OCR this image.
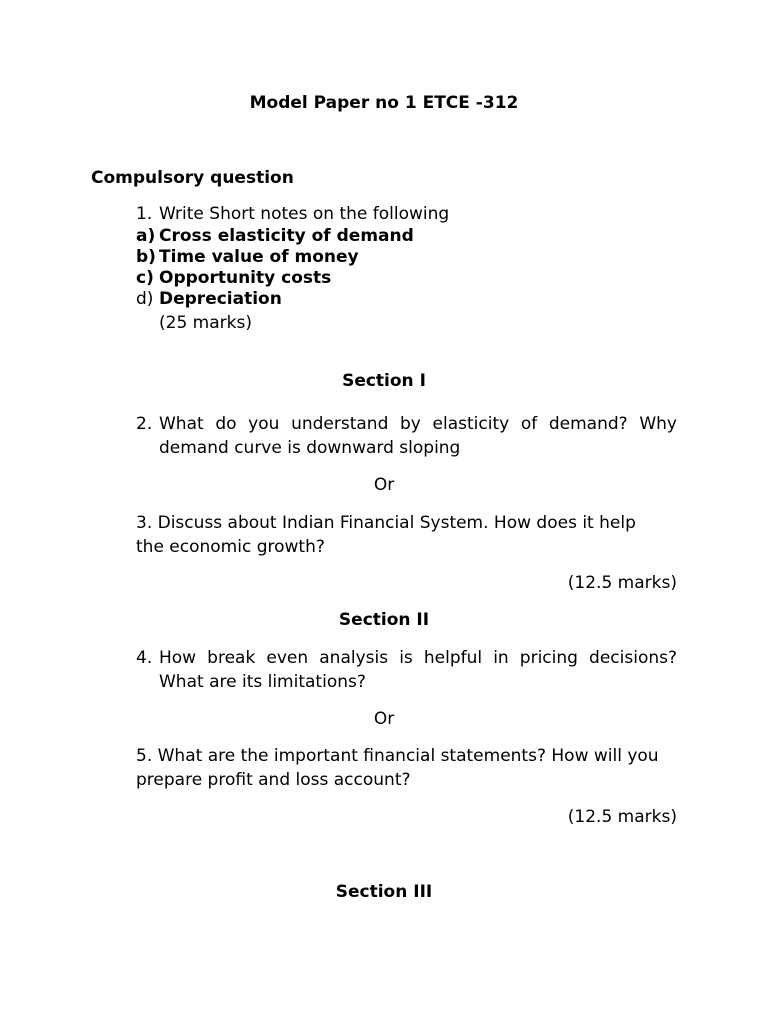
Model Paper no 1 ETCE -312
Compulsory question
1. Write Short notes on the following
a) Cross elasticity of demand
b) Time value of money
c) Opportunity costs
d) Depreciation
(25 marks)
Section I
2. What do you understand by elasticity of demand? Why
demand curve is downward sloping
Or
3. Discuss about Indian Financial System. How does it help
the economic growth?
(12.5 marks)
Section II
4. How break even analysis is helpful in pricing decisions?
What are its limitations?
Or
5. What are the important financial statements? How will you
prepare profit and loss account?
(12.5 marks)
Section III
